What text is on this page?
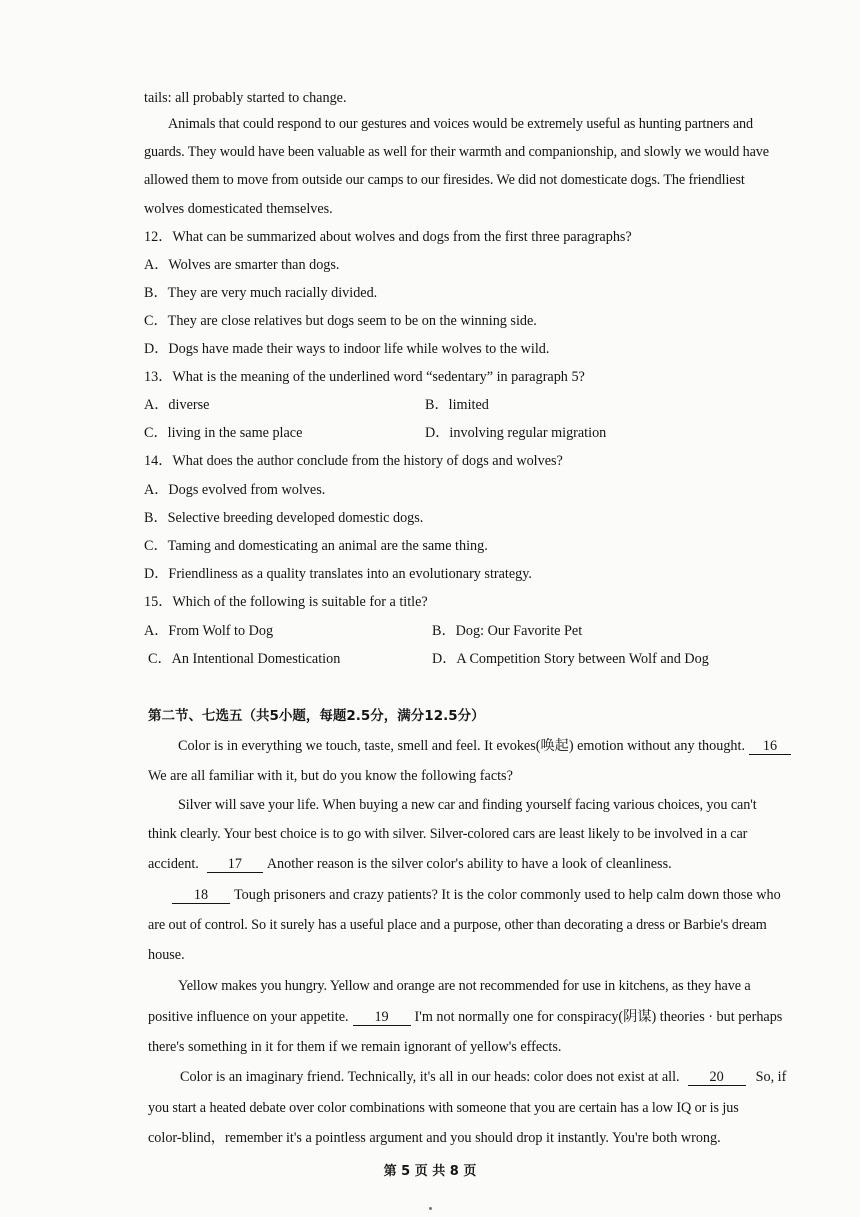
tails: all probably started to change.
Animals that could respond to our gestures and voices would be extremely useful as hunting partners and
guards. They would have been valuable as well for their warmth and companionship, and slowly we would have
allowed them to move from outside our camps to our firesides. We did not domesticate dogs. The friendliest
wolves domesticated themselves.
12．What can be summarized about wolves and dogs from the first three paragraphs?
A．Wolves are smarter than dogs.
B．They are very much racially divided.
C．They are close relatives but dogs seem to be on the winning side.
D．Dogs have made their ways to indoor life while wolves to the wild.
13．What is the meaning of the underlined word “sedentary” in paragraph 5?
A．diverse	B．limited
C．living in the same place	D．involving regular migration
14．What does the author conclude from the history of dogs and wolves?
A．Dogs evolved from wolves.
B．Selective breeding developed domestic dogs.
C．Taming and domesticating an animal are the same thing.
D．Friendliness as a quality translates into an evolutionary strategy.
15．Which of the following is suitable for a title?
A．From Wolf to Dog	B．Dog: Our Favorite Pet
C．An Intentional Domestication	D．A Competition Story between Wolf and Dog
第二节、七选五（共5小题，每题2.5分，满分12.5分）
Color is in everything we touch, taste, smell and feel. It evokes(唤起) emotion without any thought. 16
We are all familiar with it, but do you know the following facts?
Silver will save your life. When buying a new car and finding yourself facing various choices, you can't
think clearly. Your best choice is to go with silver. Silver-colored cars are least likely to be involved in a car
accident. 17 Another reason is the silver color's ability to have a look of cleanliness.
18 Tough prisoners and crazy patients? It is the color commonly used to help calm down those who
are out of control. So it surely has a useful place and a purpose, other than decorating a dress or Barbie's dream
house.
Yellow makes you hungry. Yellow and orange are not recommended for use in kitchens, as they have a
positive influence on your appetite. 19 I'm not normally one for conspiracy(阴谋) theories · but perhaps
there's something in it for them if we remain ignorant of yellow's effects.
Color is an imaginary friend. Technically, it's all in our heads: color does not exist at all. 20 So, if
you start a heated debate over color combinations with someone that you are certain has a low IQ or is jus
color-blind，remember it's a pointless argument and you should drop it instantly. You're both wrong.
第 5 页 共 8 页
